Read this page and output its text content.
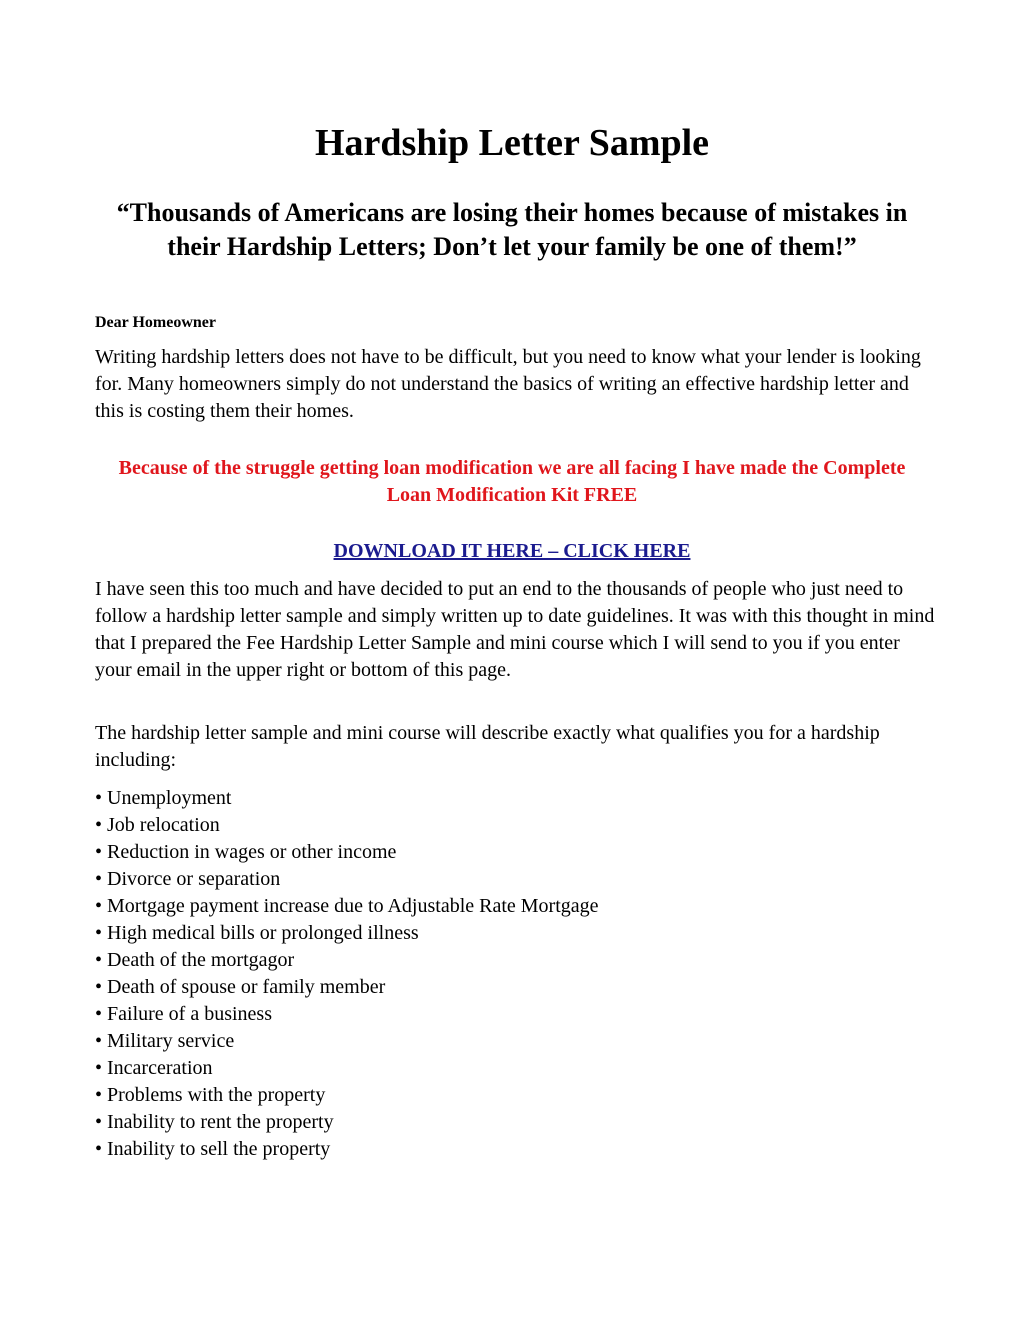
Hardship Letter Sample

“Thousands of Americans are losing their homes because of mistakes in their Hardship Letters; Don’t let your family be one of them!”

Dear Homeowner

Writing hardship letters does not have to be difficult, but you need to know what your lender is looking for. Many homeowners simply do not understand the basics of writing an effective hardship letter and this is costing them their homes.

Because of the struggle getting loan modification we are all facing I have made the Complete Loan Modification Kit FREE

DOWNLOAD IT HERE – CLICK HERE

I have seen this too much and have decided to put an end to the thousands of people who just need to follow a hardship letter sample and simply written up to date guidelines. It was with this thought in mind that I prepared the Fee Hardship Letter Sample and mini course which I will send to you if you enter your email in the upper right or bottom of this page.

The hardship letter sample and mini course will describe exactly what qualifies you for a hardship including:

• Unemployment
• Job relocation
• Reduction in wages or other income
• Divorce or separation
• Mortgage payment increase due to Adjustable Rate Mortgage
• High medical bills or prolonged illness
• Death of the mortgagor
• Death of spouse or family member
• Failure of a business
• Military service
• Incarceration
• Problems with the property
• Inability to rent the property
• Inability to sell the property
